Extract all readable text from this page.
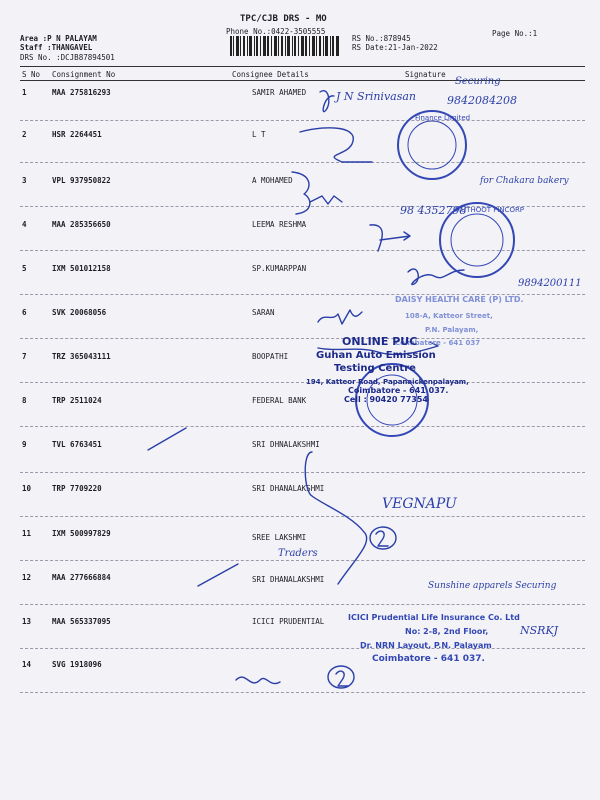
TPC/CJB DRS - MO
Phone No.:0422-3505555
Area :P N PALAYAM
Staff :THANGAVEL
DRS No. :DCJB87894501
RS No.:878945
Page No.:1
RS Date:21-Jan-2022
S No Consignment No	Consignee Details	Signature
1	MAA 275816293	SAMIR AHAMED
2	HSR 2264451	L T
3	VPL 937950822	A MOHAMED
4	MAA 285356650	LEEMA RESHMA
5	IXM 501012158	SP.KUMARPPAN
6	SVK 20068056	SARAN
7	TRZ 365043111	BOOPATHI
8	TRP 2511024	FEDERAL BANK
9	TVL 6763451	SRI DHNALAKSHMI
10	TRP 7709220	SRI DHANALAKSHMI
11	IXM 500997829	SREE LAKSHMI
12	MAA 277666884	SRI DHANALAKSHMI
13	MAA 565337095	ICICI PRUDENTIAL
14	SVG 1918096
Finance Limited
MUTHOOT FINCORP
J N Srinivasan	9842084208
Securing
for Chakara bakery
98 4352798
9894200111
VEGNAPU
Traders
Sunshine apparels Securing
NSRKJ
DAISY HEALTH CARE (P) LTD.
108-A, Katteor Street,
P.N. Palayam,
Coimbatore - 641 037
ONLINE PUC
Guhan Auto Emission
Testing Centre
194, Katteor Road, Papanaickenpalayam,
Coimbatore - 641 037.
Cell : 90420 77354
ICICI Prudential Life Insurance Co. Ltd
No: 2-8, 2nd Floor,
Dr. NRN Layout, P.N. Palayam
Coimbatore - 641 037.
